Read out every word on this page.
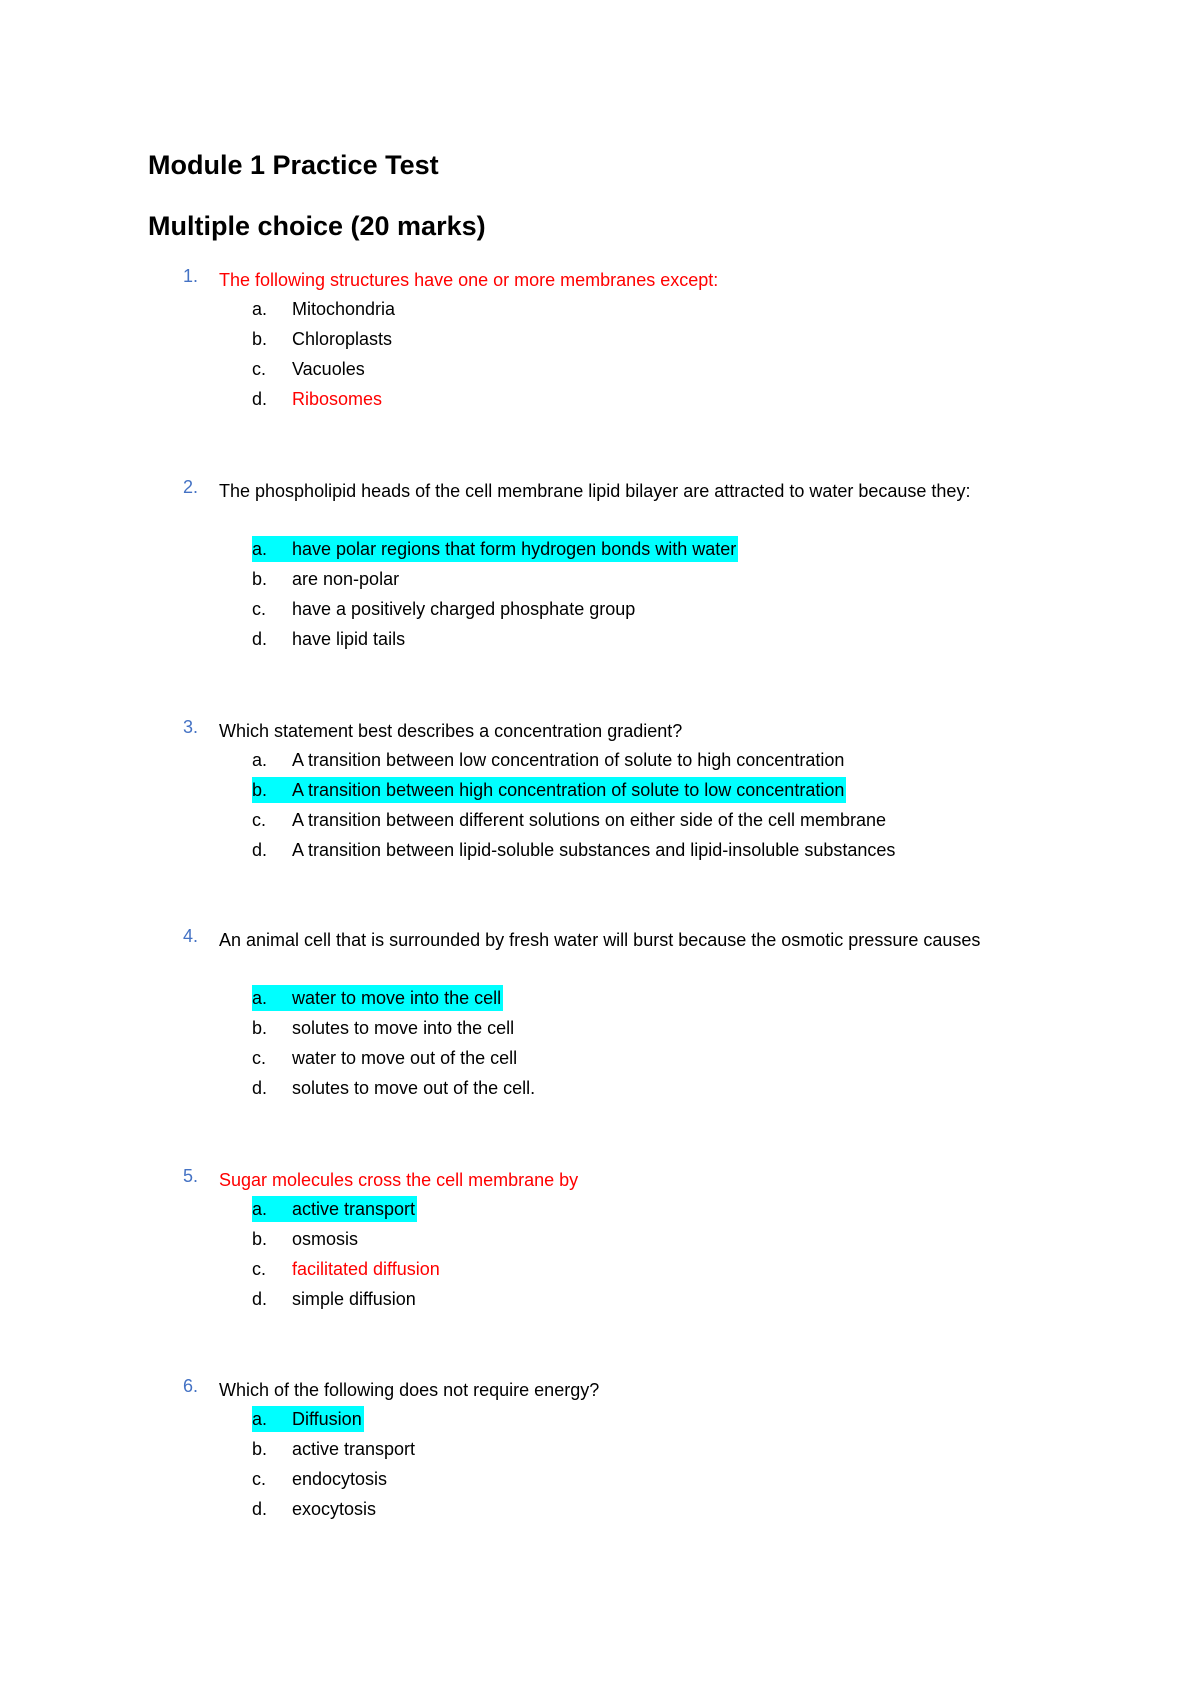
Module 1 Practice Test
Multiple choice (20 marks)
1. The following structures have one or more membranes except:
a. Mitochondria
b. Chloroplasts
c. Vacuoles
d. Ribosomes
2. The phospholipid heads of the cell membrane lipid bilayer are attracted to water because they:
a. have polar regions that form hydrogen bonds with water
b. are non-polar
c. have a positively charged phosphate group
d. have lipid tails
3. Which statement best describes a concentration gradient?
a. A transition between low concentration of solute to high concentration
b. A transition between high concentration of solute to low concentration
c. A transition between different solutions on either side of the cell membrane
d. A transition between lipid-soluble substances and lipid-insoluble substances
4. An animal cell that is surrounded by fresh water will burst because the osmotic pressure causes
a. water to move into the cell
b. solutes to move into the cell
c. water to move out of the cell
d. solutes to move out of the cell.
5. Sugar molecules cross the cell membrane by
a. active transport
b. osmosis
c. facilitated diffusion
d. simple diffusion
6. Which of the following does not require energy?
a. Diffusion
b. active transport
c. endocytosis
d. exocytosis
